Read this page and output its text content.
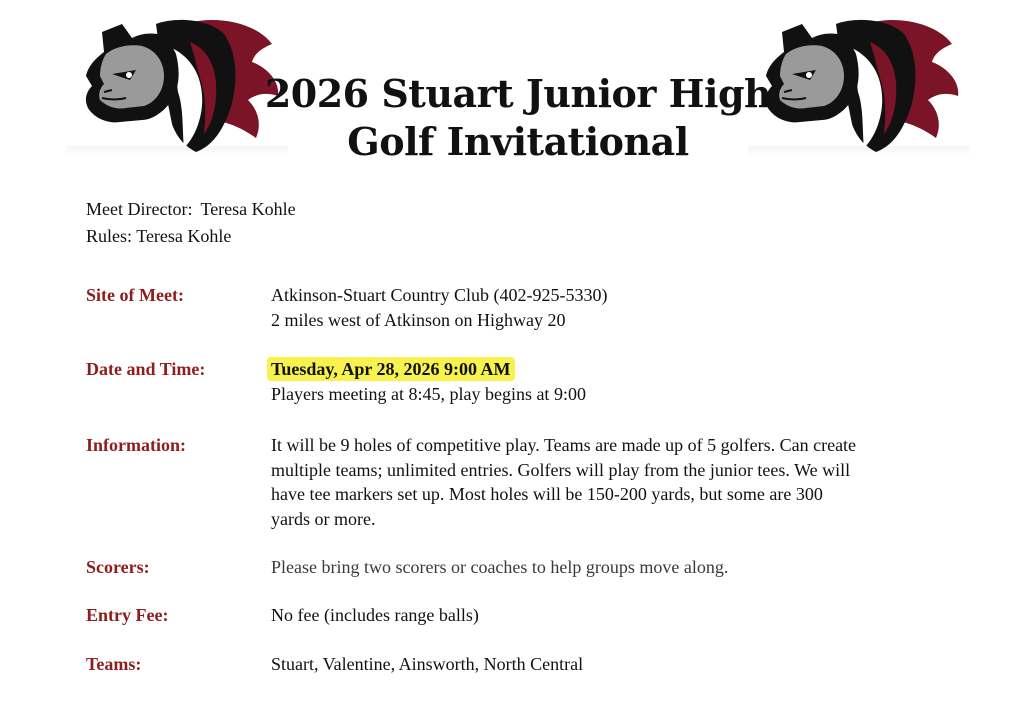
2026 Stuart Junior High
Golf Invitational
Meet Director: Teresa Kohle
Rules: Teresa Kohle
Site of Meet:	Atkinson-Stuart Country Club (402-925-5330)
2 miles west of Atkinson on Highway 20
Date and Time:	Tuesday, Apr 28, 2026 9:00 AM
Players meeting at 8:45, play begins at 9:00
Information:	It will be 9 holes of competitive play. Teams are made up of 5 golfers. Can create
multiple teams; unlimited entries. Golfers will play from the junior tees. We will
have tee markers set up. Most holes will be 150-200 yards, but some are 300
yards or more.
Scorers:	Please bring two scorers or coaches to help groups move along.
Entry Fee:	No fee (includes range balls)
Teams:	Stuart, Valentine, Ainsworth, North Central
